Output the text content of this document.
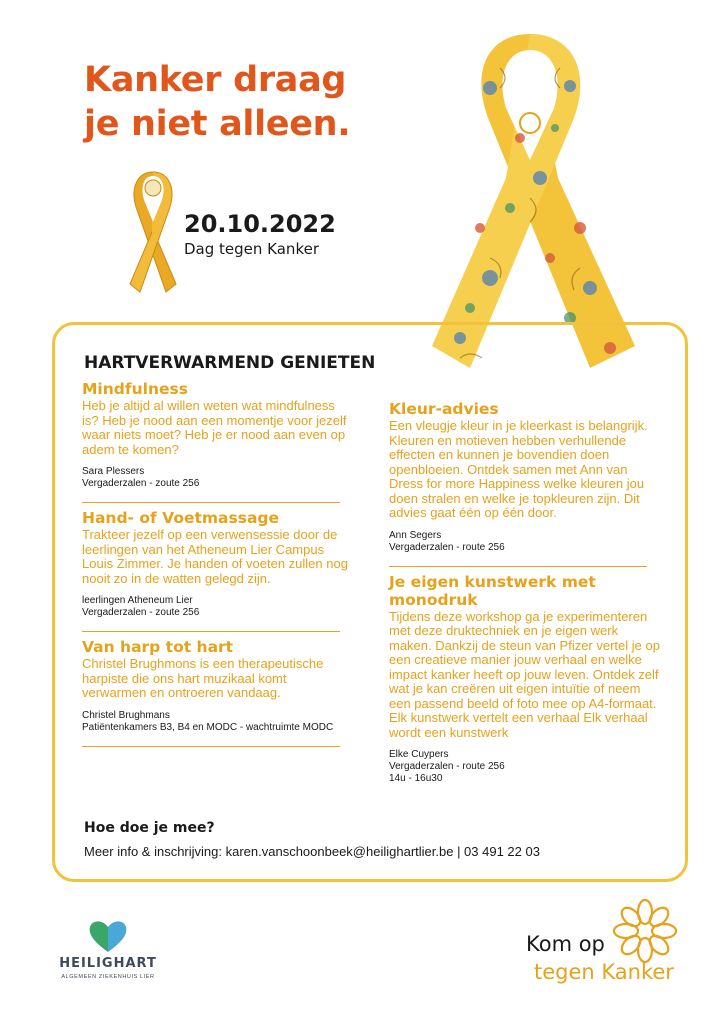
Kanker draag
je niet alleen.
20.10.2022
Dag tegen Kanker
HARTVERWARMEND GENIETEN
Mindfulness
Heb je altijd al willen weten wat mindfulness is? Heb je nood aan een momentje voor jezelf waar niets moet? Heb je er nood aan even op adem te komen?
Sara Plessers
Vergaderzalen - zoute 256
Hand- of Voetmassage
Trakteer jezelf op een verwensessie door de leerlingen van het Atheneum Lier Campus Louis Zimmer. Je handen of voeten zullen nog nooit zo in de watten gelegd zijn.
leerlingen Atheneum Lier
Vergaderzalen - zoute 256
Van harp tot hart
Christel Brughmons is een therapeutische harpiste die ons hart muzikaal komt verwarmen en ontroeren vandaag.
Christel Brughmans
Patiëntenkamers B3, B4 en MODC - wachtruimte MODC
Kleur-advies
Een vleugje kleur in je kleerkast is belangrijk. Kleuren en motieven hebben verhullende effecten en kunnen je bovendien doen openbloeien. Ontdek samen met Ann van Dress for more Happiness welke kleuren jou doen stralen en welke je topkleuren zijn. Dit advies gaat één op één door.
Ann Segers
Vergaderzalen - route 256
Je eigen kunstwerk met monodruk
Tijdens deze workshop ga je experimenteren met deze druktechniek en je eigen werk maken. Dankzij de steun van Pfizer vertel je op een creatieve manier jouw verhaal en welke impact kanker heeft op jouw leven. Ontdek zelf wat je kan creëren uit eigen intuïtie of neem een passend beeld of foto mee op A4-formaat. Elk kunstwerk vertelt een verhaal Elk verhaal wordt een kunstwerk
Elke Cuypers
Vergaderzalen - route 256
14u - 16u30
Hoe doe je mee?
Meer info & inschrijving: karen.vanschoonbeek@heilighartlier.be | 03 491 22 03
HEILIGHART
ALGEMEEN ZIEKENHUIS LIER
Kom op
tegen Kanker
